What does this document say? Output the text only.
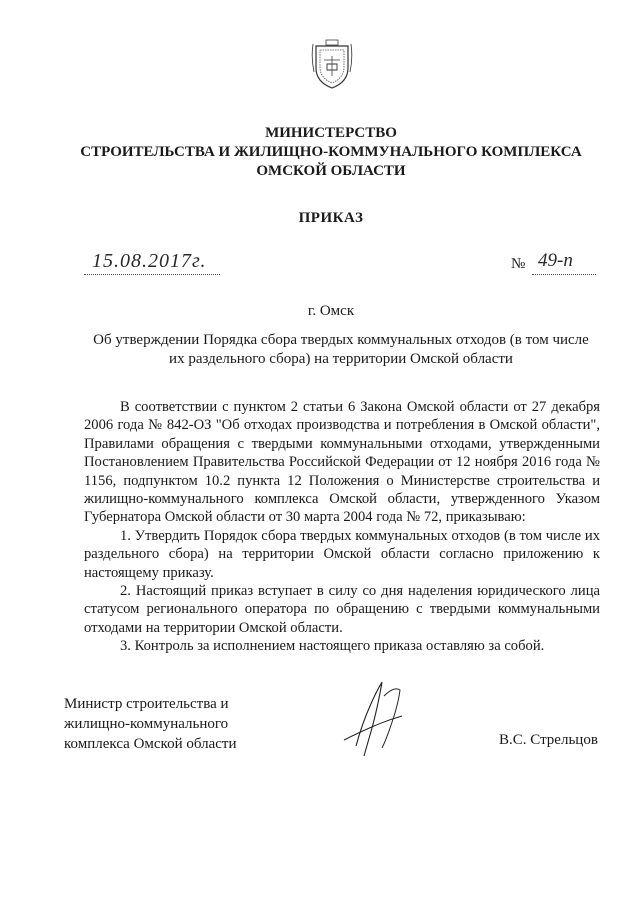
МИНИСТЕРСТВО
СТРОИТЕЛЬСТВА И ЖИЛИЩНО-КОММУНАЛЬНОГО КОМПЛЕКСА
ОМСКОЙ ОБЛАСТИ
ПРИКАЗ
15.08.2017г.	№ 49-п
г. Омск
Об утверждении Порядка сбора твердых коммунальных отходов (в том числе
их раздельного сбора) на территории Омской области

В соответствии с пунктом 2 статьи 6 Закона Омской области от 27 декабря 2006 года № 842-ОЗ "Об отходах производства и потребления в Омской области", Правилами обращения с твердыми коммунальными отходами, утвержденными Постановлением Правительства Российской Федерации от 12 ноября 2016 года № 1156, подпунктом 10.2 пункта 12 Положения о Министерстве строительства и жилищно-коммунального комплекса Омской области, утвержденного Указом Губернатора Омской области от 30 марта 2004 года № 72, приказываю:

1. Утвердить Порядок сбора твердых коммунальных отходов (в том числе их раздельного сбора) на территории Омской области согласно приложению к настоящему приказу.

2. Настоящий приказ вступает в силу со дня наделения юридического лица статусом регионального оператора по обращению с твердыми коммунальными отходами на территории Омской области.

3. Контроль за исполнением настоящего приказа оставляю за собой.

Министр строительства и
жилищно-коммунального
комплекса Омской области	В.С. Стрельцов
